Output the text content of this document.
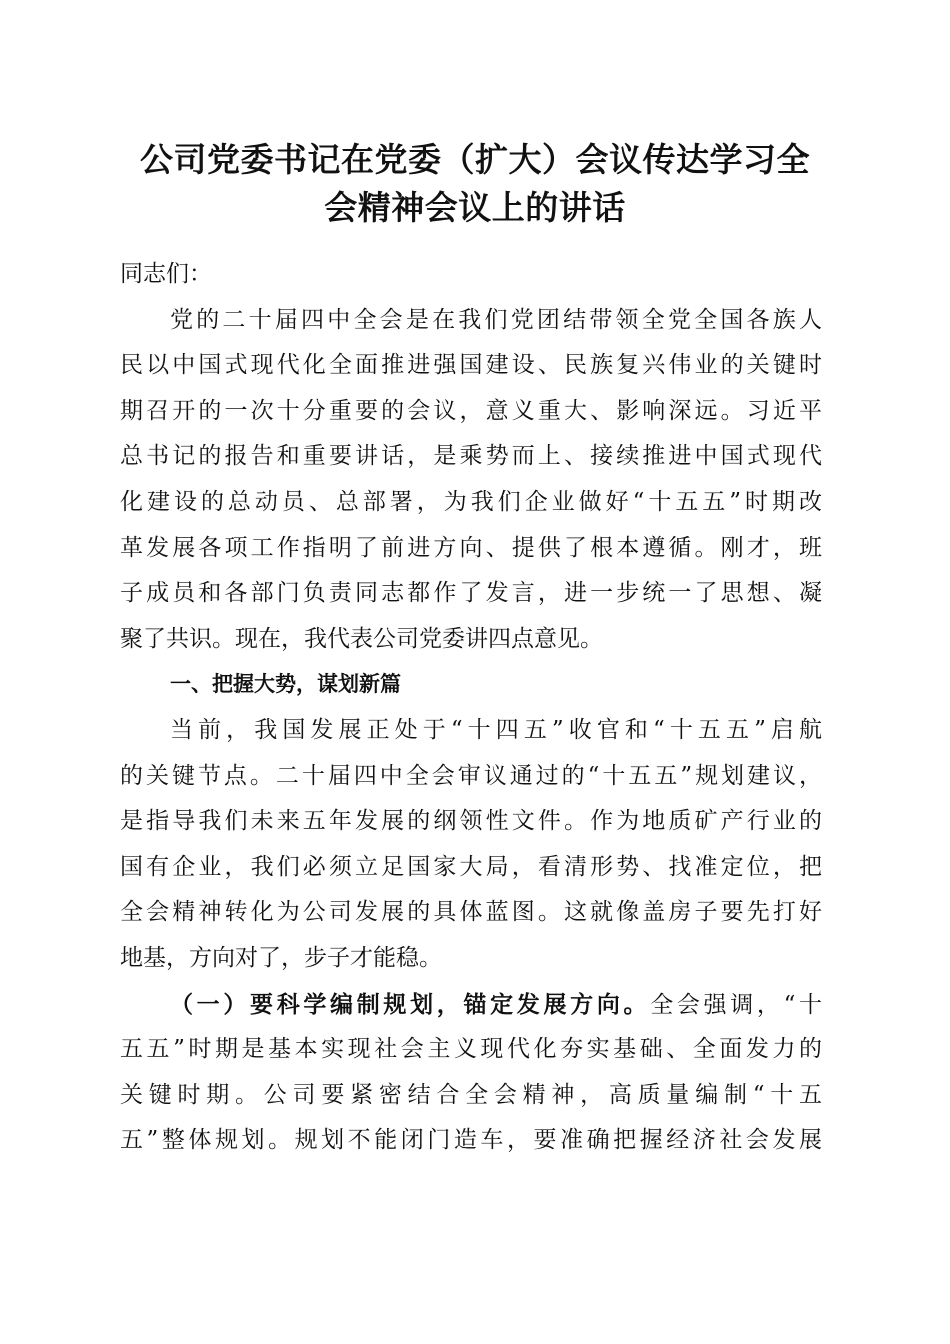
公司党委书记在党委（扩大）会议传达学习全
会精神会议上的讲话
同志们：
党的二十届四中全会是在我们党团结带领全党全国各族人
民以中国式现代化全面推进强国建设、民族复兴伟业的关键时
期召开的一次十分重要的会议，意义重大、影响深远。习近平
总书记的报告和重要讲话，是乘势而上、接续推进中国式现代
化建设的总动员、总部署，为我们企业做好“十五五”时期改
革发展各项工作指明了前进方向、提供了根本遵循。刚才，班
子成员和各部门负责同志都作了发言，进一步统一了思想、凝
聚了共识。现在，我代表公司党委讲四点意见。
一、把握大势，谋划新篇
当前，我国发展正处于“十四五”收官和“十五五”启航
的关键节点。二十届四中全会审议通过的“十五五”规划建议，
是指导我们未来五年发展的纲领性文件。作为地质矿产行业的
国有企业，我们必须立足国家大局，看清形势、找准定位，把
全会精神转化为公司发展的具体蓝图。这就像盖房子要先打好
地基，方向对了，步子才能稳。
（一）要科学编制规划，锚定发展方向。全会强调，“十
五五”时期是基本实现社会主义现代化夯实基础、全面发力的
关键时期。公司要紧密结合全会精神，高质量编制“十五
五”整体规划。规划不能闭门造车，要准确把握经济社会发展
